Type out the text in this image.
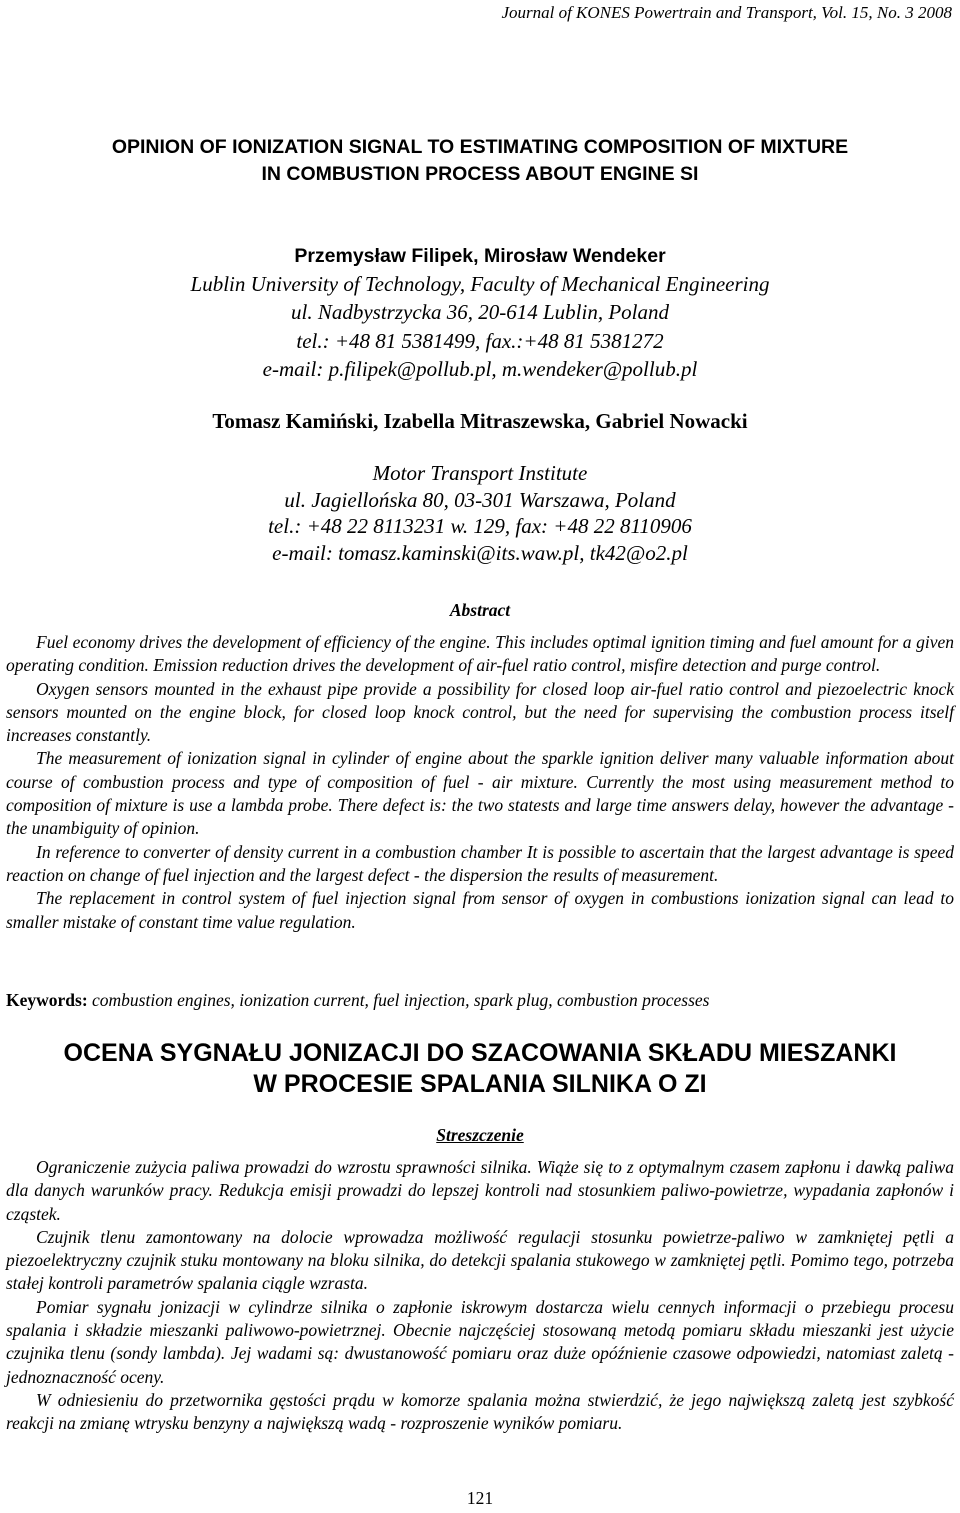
Journal of KONES Powertrain and Transport, Vol. 15, No. 3 2008
OPINION OF IONIZATION SIGNAL TO ESTIMATING COMPOSITION OF MIXTURE
IN COMBUSTION PROCESS ABOUT ENGINE SI
Przemysław Filipek, Mirosław Wendeker
Lublin University of Technology, Faculty of Mechanical Engineering
ul. Nadbystrzycka 36, 20-614 Lublin, Poland
tel.: +48 81 5381499, fax.:+48 81 5381272
e-mail: p.filipek@pollub.pl, m.wendeker@pollub.pl
Tomasz Kamiński, Izabella Mitraszewska, Gabriel Nowacki
Motor Transport Institute
ul. Jagiellońska 80, 03-301 Warszawa, Poland
tel.: +48 22 8113231 w. 129, fax: +48 22 8110906
e-mail: tomasz.kaminski@its.waw.pl, tk42@o2.pl
Abstract

Fuel economy drives the development of efficiency of the engine. This includes optimal ignition timing and fuel amount for a given operating condition. Emission reduction drives the development of air-fuel ratio control, misfire detection and purge control.

Oxygen sensors mounted in the exhaust pipe provide a possibility for closed loop air-fuel ratio control and piezoelectric knock sensors mounted on the engine block, for closed loop knock control, but the need for supervising the combustion process itself increases constantly.

The measurement of ionization signal in cylinder of engine about the sparkle ignition deliver many valuable information about course of combustion process and type of composition of fuel - air mixture. Currently the most using measurement method to composition of mixture is use a lambda probe. There defect is: the two statests and large time answers delay, however the advantage - the unambiguity of opinion.

In reference to converter of density current in a combustion chamber It is possible to ascertain that the largest advantage is speed reaction on change of fuel injection and the largest defect - the dispersion the results of measurement.

The replacement in control system of fuel injection signal from sensor of oxygen in combustions ionization signal can lead to smaller mistake of constant time value regulation.

Keywords: combustion engines, ionization current, fuel injection, spark plug, combustion processes
OCENA SYGNAŁU JONIZACJI DO SZACOWANIA SKŁADU MIESZANKI
W PROCESIE SPALANIA SILNIKA O ZI
Streszczenie

Ograniczenie zużycia paliwa prowadzi do wzrostu sprawności silnika. Wiąże się to z optymalnym czasem zapłonu i dawką paliwa dla danych warunków pracy. Redukcja emisji prowadzi do lepszej kontroli nad stosunkiem paliwo-powietrze, wypadania zapłonów i cząstek.

Czujnik tlenu zamontowany na dolocie wprowadza możliwość regulacji stosunku powietrze-paliwo w zamkniętej pętli a piezoelektryczny czujnik stuku montowany na bloku silnika, do detekcji spalania stukowego w zamkniętej pętli. Pomimo tego, potrzeba stałej kontroli parametrów spalania ciągle wzrasta.

Pomiar sygnału jonizacji w cylindrze silnika o zapłonie iskrowym dostarcza wielu cennych informacji o przebiegu procesu spalania i składzie mieszanki paliwowo-powietrznej. Obecnie najczęściej stosowaną metodą pomiaru składu mieszanki jest użycie czujnika tlenu (sondy lambda). Jej wadami są: dwustanowość pomiaru oraz duże opóźnienie czasowe odpowiedzi, natomiast zaletą - jednoznaczność oceny.

W odniesieniu do przetwornika gęstości prądu w komorze spalania można stwierdzić, że jego największą zaletą jest szybkość reakcji na zmianę wtrysku benzyny a największą wadą - rozproszenie wyników pomiaru.

121
